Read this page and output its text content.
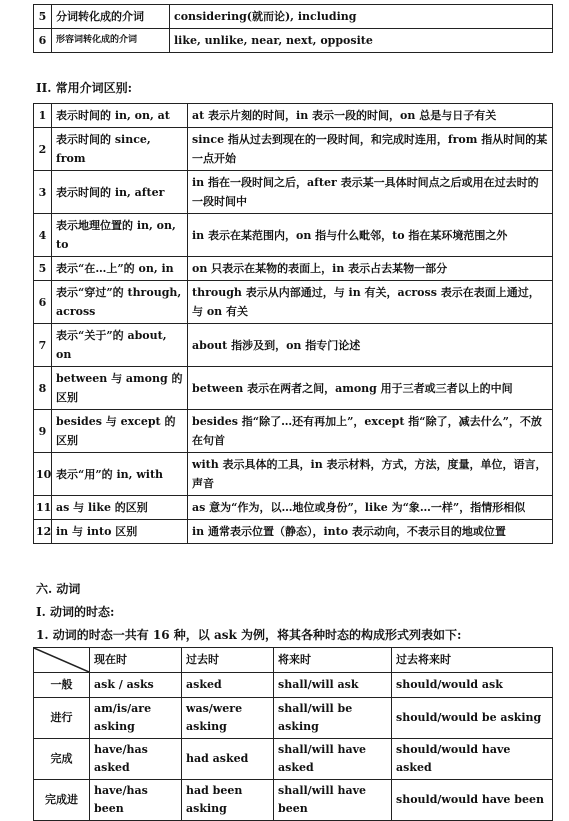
5	分词转化成的介词	considering(就而论), including
6	形容词转化成的介词	like, unlike, near, next, opposite
II. 常用介词区别:
1	表示时间的 in, on, at	at 表示片刻的时间，in 表示一段的时间，on 总是与日子有关
2	表示时间的 since, from	since 指从过去到现在的一段时间，和完成时连用，from 指从时间的某一点开始
3	表示时间的 in, after	in 指在一段时间之后，after 表示某一具体时间点之后或用在过去时的一段时间中
4	表示地理位置的 in, on, to	in 表示在某范围内，on 指与什么毗邻，to 指在某环境范围之外
5	表示“在…上”的 on, in	on 只表示在某物的表面上，in 表示占去某物一部分
6	表示“穿过”的 through, across	through 表示从内部通过，与 in 有关，across 表示在表面上通过，与 on 有关
7	表示“关于”的 about, on	about 指涉及到，on 指专门论述
8	between 与 among 的区别	between 表示在两者之间，among 用于三者或三者以上的中间
9	besides 与 except 的区别	besides 指“除了…还有再加上”，except 指“除了，减去什么”，不放在句首
10	表示“用”的 in, with	with 表示具体的工具，in 表示材料，方式，方法，度量，单位，语言，声音
11	as 与 like 的区别	as 意为“作为，以…地位或身份”，like 为“象…一样”，指情形相似
12	in 与 into 区别	in 通常表示位置（静态），into 表示动向，不表示目的地或位置
六. 动词
I. 动词的时态:
1. 动词的时态一共有 16 种，以 ask 为例，将其各种时态的构成形式列表如下:
	现在时	过去时	将来时	过去将来时
一般	ask / asks	asked	shall/will ask	should/would ask
进行	am/is/are asking	was/were asking	shall/will be asking	should/would be asking
完成	have/has asked	had asked	shall/will have asked	should/would have asked
完成进	have/has been	had been asking	shall/will have been	should/would have been
